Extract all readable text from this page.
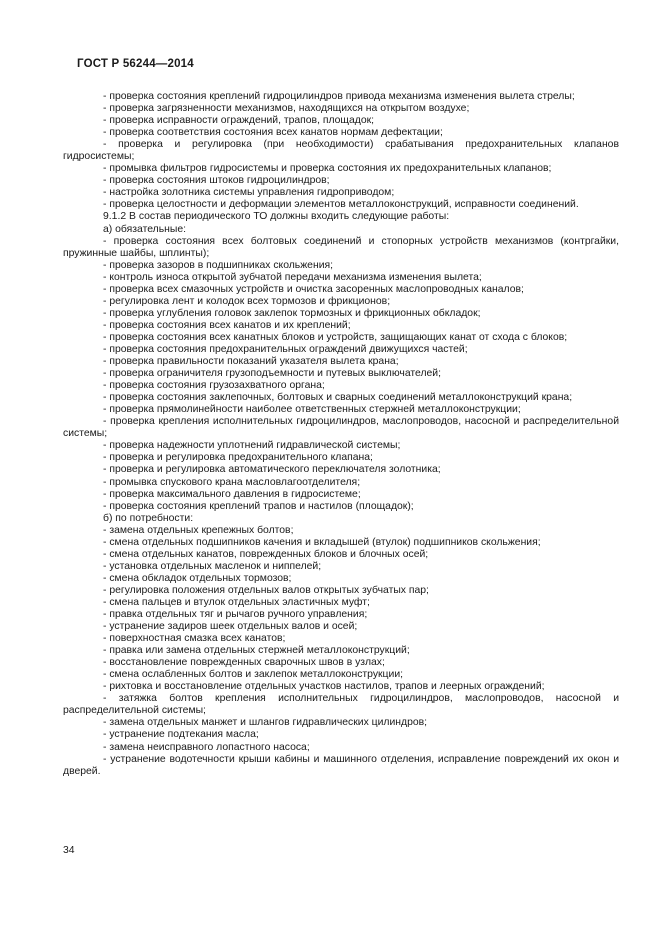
ГОСТ Р 56244—2014

- проверка состояния креплений гидроцилиндров привода механизма изменения вылета стрелы;

- проверка загрязненности механизмов, находящихся на открытом воздухе;

- проверка исправности ограждений, трапов, площадок;

- проверка соответствия состояния всех канатов нормам дефектации;

- проверка и регулировка (при необходимости) срабатывания предохранительных клапанов гидросистемы;

- промывка фильтров гидросистемы и проверка состояния их предохранительных клапанов;

- проверка состояния штоков гидроцилиндров;

- настройка золотника системы управления гидроприводом;

- проверка целостности и деформации элементов металлоконструкций, исправности соединений.

9.1.2 В состав периодического ТО должны входить следующие работы:

а) обязательные:

- проверка состояния всех болтовых соединений и стопорных устройств механизмов (контргайки, пружинные шайбы, шплинты);

- проверка зазоров в подшипниках скольжения;

- контроль износа открытой зубчатой передачи механизма изменения вылета;

- проверка всех смазочных устройств и очистка засоренных маслопроводных каналов;

- регулировка лент и колодок всех тормозов и фрикционов;

- проверка углубления головок заклепок тормозных и фрикционных обкладок;

- проверка состояния всех канатов и их креплений;

- проверка состояния всех канатных блоков и устройств, защищающих канат от схода с блоков;

- проверка состояния предохранительных ограждений движущихся частей;

- проверка правильности показаний указателя вылета крана;

- проверка ограничителя грузоподъемности и путевых выключателей;

- проверка состояния грузозахватного органа;

- проверка состояния заклепочных, болтовых и сварных соединений металлоконструкций крана;

- проверка прямолинейности наиболее ответственных стержней металлоконструкции;

- проверка крепления исполнительных гидроцилиндров, маслопроводов, насосной и распределительной системы;

- проверка надежности уплотнений гидравлической системы;

- проверка и регулировка предохранительного клапана;

- проверка и регулировка автоматического переключателя золотника;

- промывка спускового крана масловлагоотделителя;

- проверка максимального давления в гидросистеме;

- проверка состояния креплений трапов и настилов (площадок);

б) по потребности:

- замена отдельных крепежных болтов;

- смена отдельных подшипников качения и вкладышей (втулок) подшипников скольжения;

- смена отдельных канатов, поврежденных блоков и блочных осей;

- установка отдельных масленок и ниппелей;

- смена обкладок отдельных тормозов;

- регулировка положения отдельных валов открытых зубчатых пар;

- смена пальцев и втулок отдельных эластичных муфт;

- правка отдельных тяг и рычагов ручного управления;

- устранение задиров шеек отдельных валов и осей;

- поверхностная смазка всех канатов;

- правка или замена отдельных стержней металлоконструкций;

- восстановление поврежденных сварочных швов в узлах;

- смена ослабленных болтов и заклепок металлоконструкции;

- рихтовка и восстановление отдельных участков настилов, трапов и леерных ограждений;

- затяжка болтов крепления исполнительных гидроцилиндров, маслопроводов, насосной и распределительной системы;

- замена отдельных манжет и шлангов гидравлических цилиндров;

- устранение подтекания масла;

- замена неисправного лопастного насоса;

- устранение водотечности крыши кабины и машинного отделения, исправление повреждений их окон и дверей.

34
